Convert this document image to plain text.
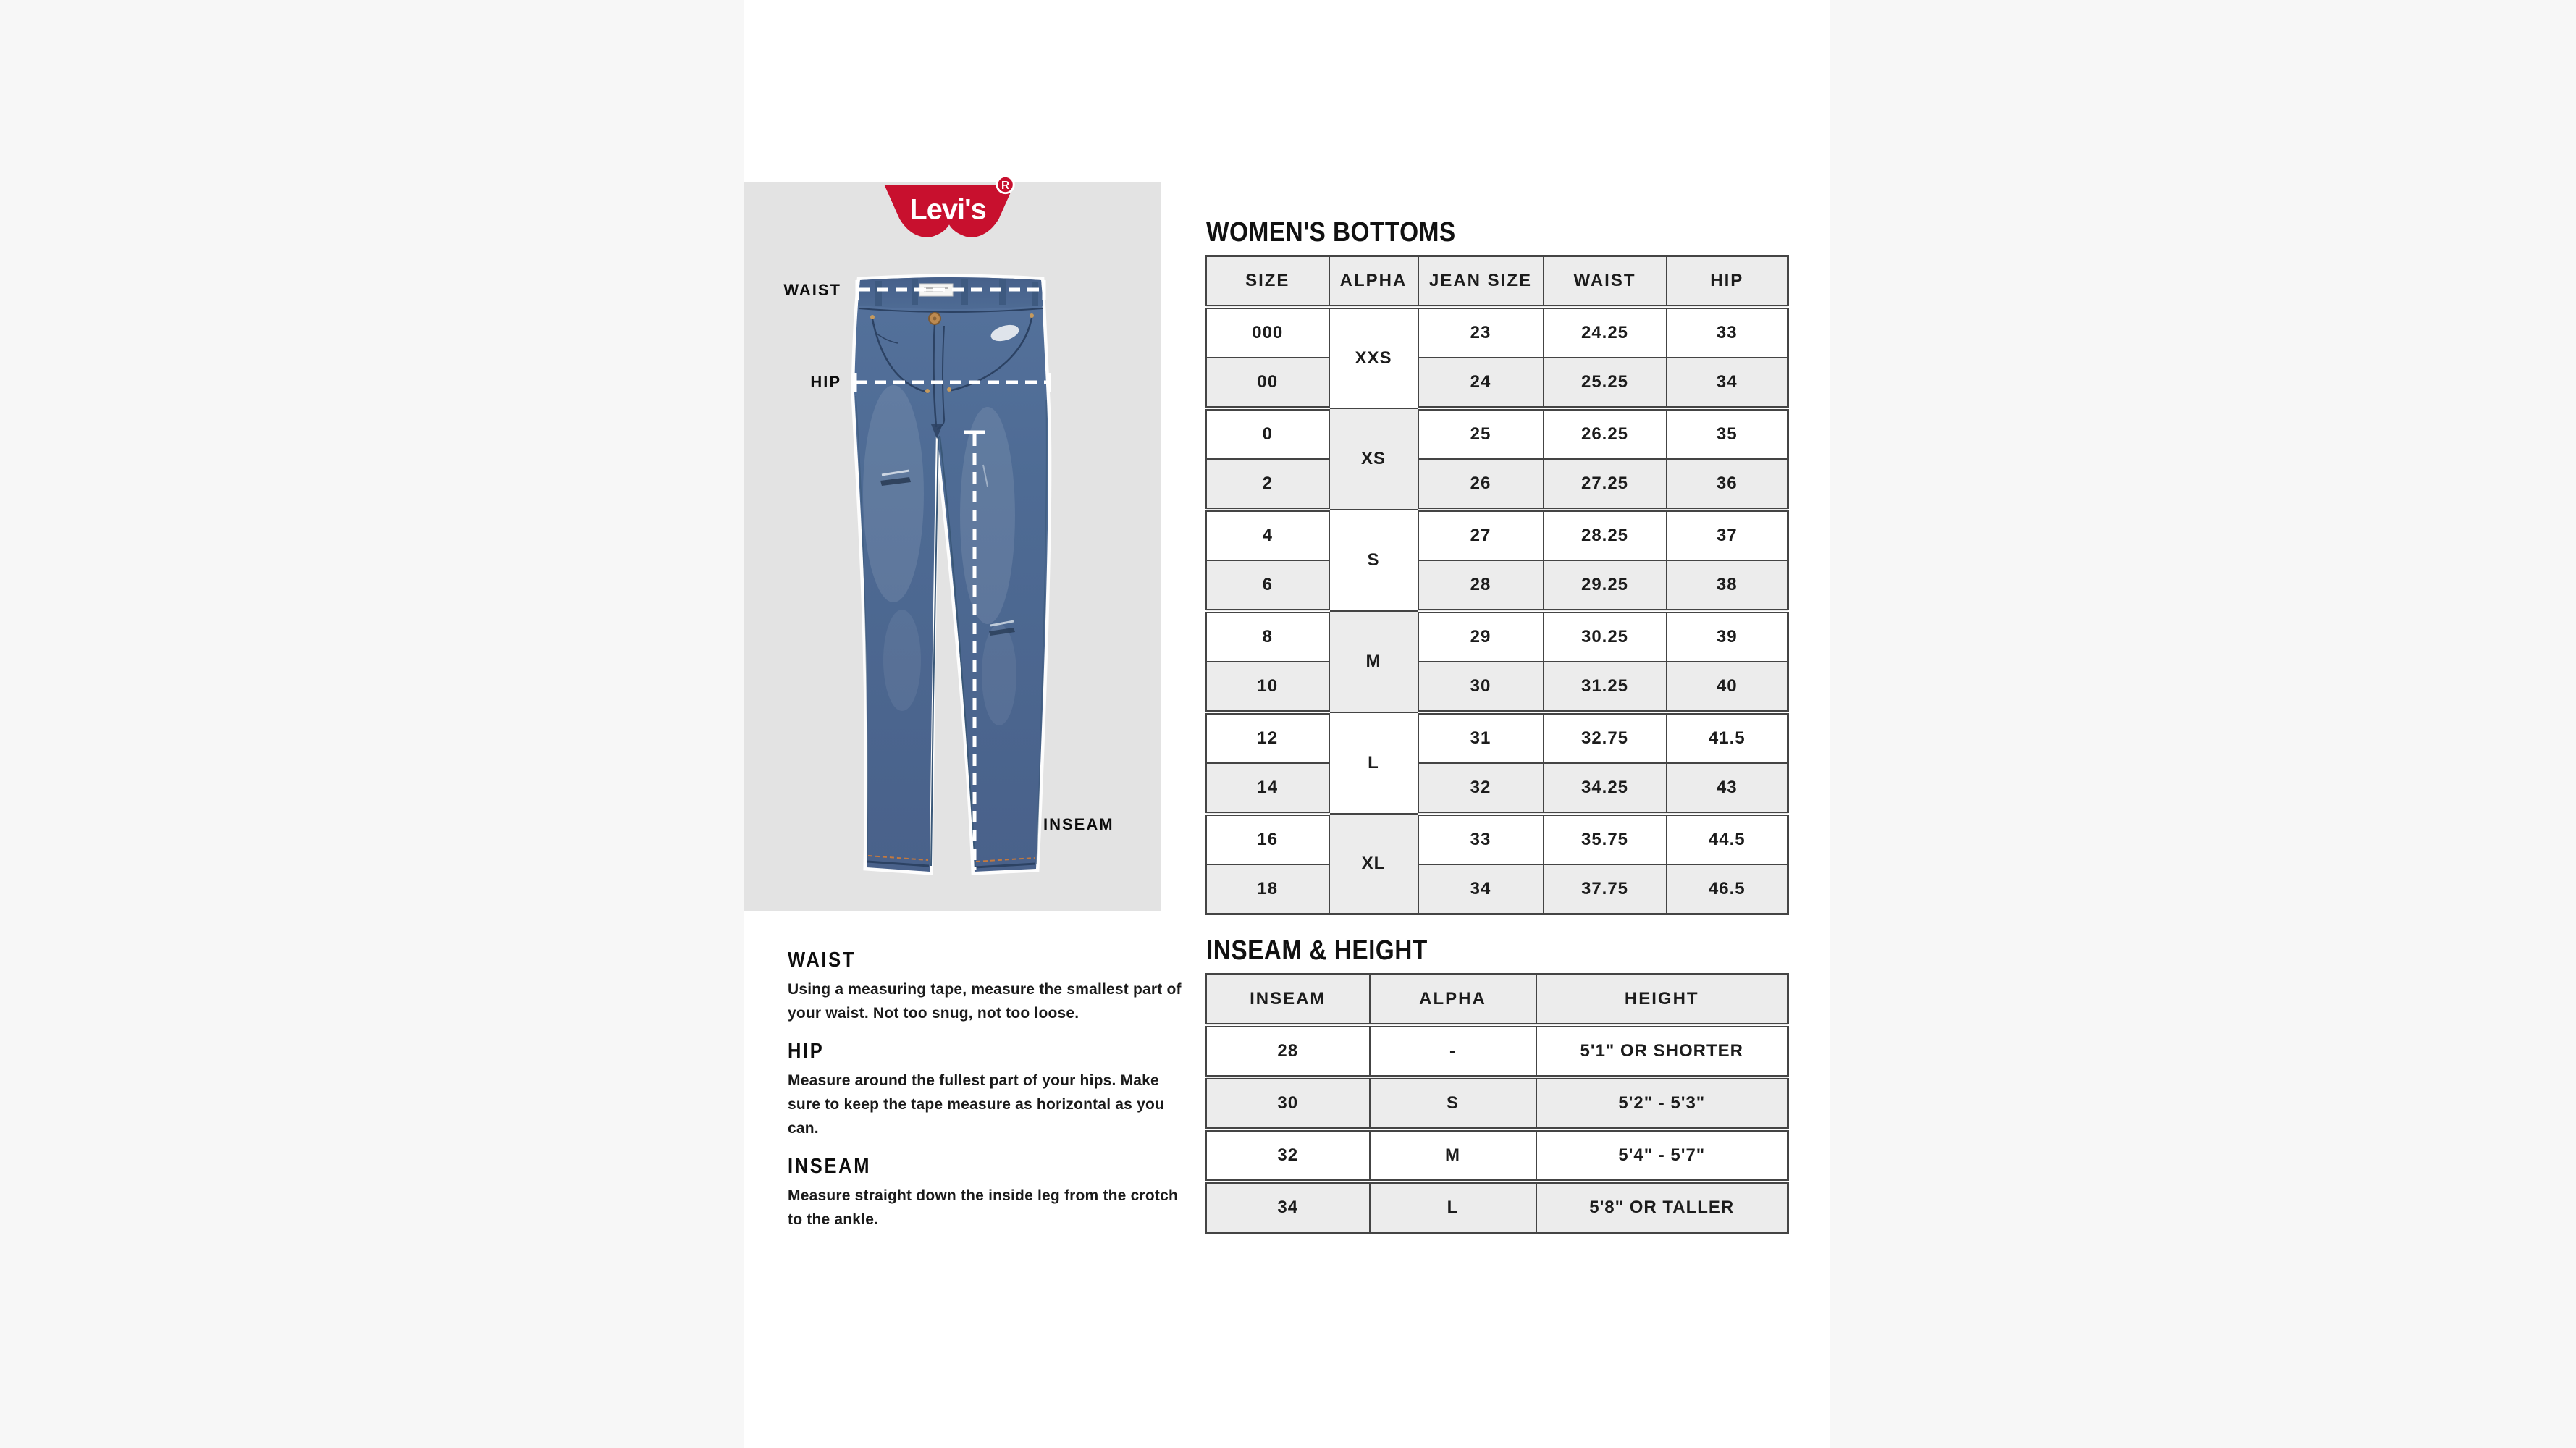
Levi's
R
WAIST
HIP
INSEAM
WOMEN'S BOTTOMS
SIZE	ALPHA	JEAN SIZE	WAIST	HIP
000	XXS	23	24.25	33
00		24	25.25	34
0	XS	25	26.25	35
2		26	27.25	36
4	S	27	28.25	37
6		28	29.25	38
8	M	29	30.25	39
10		30	31.25	40
12	L	31	32.75	41.5
14		32	34.25	43
16	XL	33	35.75	44.5
18		34	37.75	46.5
INSEAM & HEIGHT
INSEAM	ALPHA	HEIGHT
28	-	5'1" OR SHORTER
30	S	5'2" - 5'3"
32	M	5'4" - 5'7"
34	L	5'8" OR TALLER
WAIST

Using a measuring tape, measure the smallest part of your waist. Not too snug, not too loose.

HIP

Measure around the fullest part of your hips. Make sure to keep the tape measure as horizontal as you can.

INSEAM

Measure straight down the inside leg from the crotch to the ankle.
